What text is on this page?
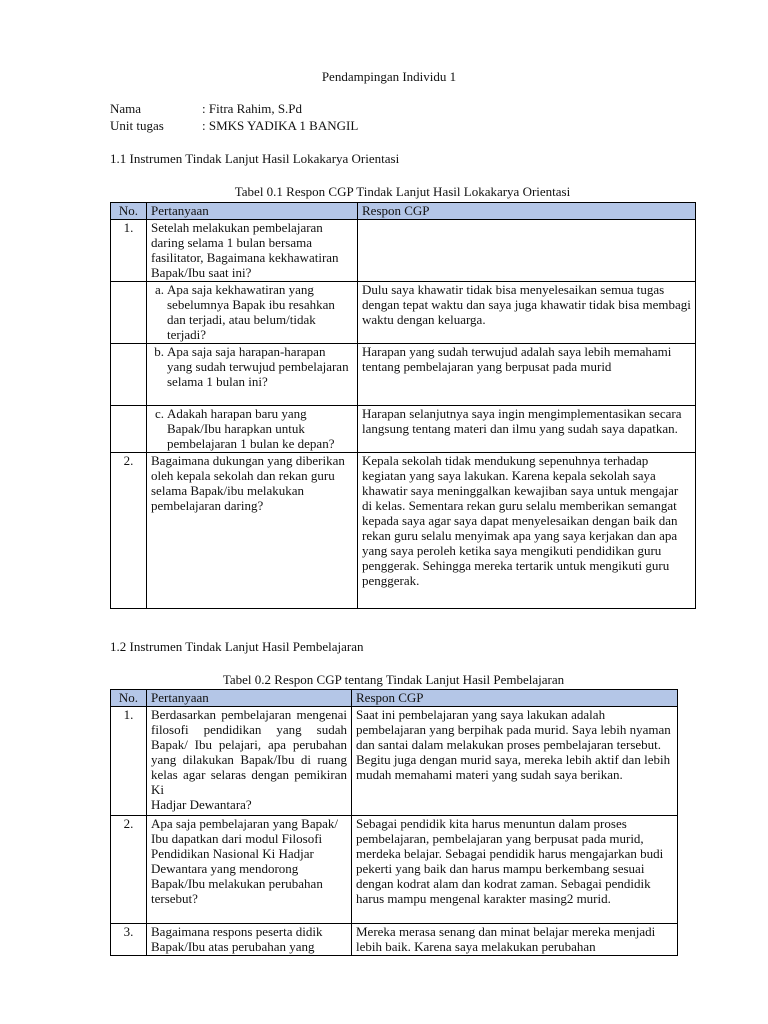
Pendampingan Individu 1
Nama	: Fitra Rahim, S.Pd
Unit tugas	: SMKS YADIKA 1 BANGIL
1.1 Instrumen Tindak Lanjut Hasil Lokakarya Orientasi
Tabel 0.1 Respon CGP Tindak Lanjut Hasil Lokakarya Orientasi
No.	Pertanyaan	Respon CGP
1.	Setelah melakukan pembelajaran daring selama 1 bulan bersama fasilitator, Bagaimana kekhawatiran Bapak/Ibu saat ini?	

	a. Apa saja kekhawatiran yang sebelumnya Bapak ibu resahkan dan terjadi, atau belum/tidak terjadi?	Dulu saya khawatir tidak bisa menyelesaikan semua tugas dengan tepat waktu dan saya juga khawatir tidak bisa membagi waktu dengan keluarga.

	b. Apa saja saja harapan-harapan yang sudah terwujud pembelajaran selama 1 bulan ini?	Harapan yang sudah terwujud adalah saya lebih memahami tentang pembelajaran yang berpusat pada murid

	c. Adakah harapan baru yang Bapak/Ibu harapkan untuk pembelajaran 1 bulan ke depan?	Harapan selanjutnya saya ingin mengimplementasikan secara langsung tentang materi dan ilmu yang sudah saya dapatkan.
2.	Bagaimana dukungan yang diberikan oleh kepala sekolah dan rekan guru selama Bapak/ibu melakukan pembelajaran daring?	Kepala sekolah tidak mendukung sepenuhnya terhadap kegiatan yang saya lakukan. Karena kepala sekolah saya khawatir saya meninggalkan kewajiban saya untuk mengajar di kelas. Sementara rekan guru selalu memberikan semangat kepada saya agar saya dapat menyelesaikan dengan baik dan rekan guru selalu menyimak apa yang saya kerjakan dan apa yang saya peroleh ketika saya mengikuti pendidikan guru penggerak. Sehingga mereka tertarik untuk mengikuti guru penggerak.
1.2 Instrumen Tindak Lanjut Hasil Pembelajaran
Tabel 0.2 Respon CGP tentang Tindak Lanjut Hasil Pembelajaran
No.	Pertanyaan	Respon CGP
1.	Berdasarkan pembelajaran mengenai filosofi pendidikan yang sudah Bapak/ Ibu pelajari, apa perubahan yang dilakukan Bapak/Ibu di ruang kelas agar selaras dengan pemikiran Ki
Hadjar Dewantara?	Saat ini pembelajaran yang saya lakukan adalah pembelajaran yang berpihak pada murid. Saya lebih nyaman dan santai dalam melakukan proses pembelajaran tersebut. Begitu juga dengan murid saya, mereka lebih aktif dan lebih mudah memahami materi yang sudah saya berikan.
2.	Apa saja pembelajaran yang Bapak/ Ibu dapatkan dari modul Filosofi Pendidikan Nasional Ki Hadjar Dewantara yang mendorong Bapak/Ibu melakukan perubahan tersebut?	Sebagai pendidik kita harus menuntun dalam proses pembelajaran, pembelajaran yang berpusat pada murid, merdeka belajar. Sebagai pendidik harus mengajarkan budi pekerti yang baik dan harus mampu berkembang sesuai dengan kodrat alam dan kodrat zaman. Sebagai pendidik harus mampu mengenal karakter masing2 murid.
3.	Bagaimana respons peserta didik Bapak/Ibu atas perubahan yang	Mereka merasa senang dan minat belajar mereka menjadi lebih baik. Karena saya melakukan perubahan
